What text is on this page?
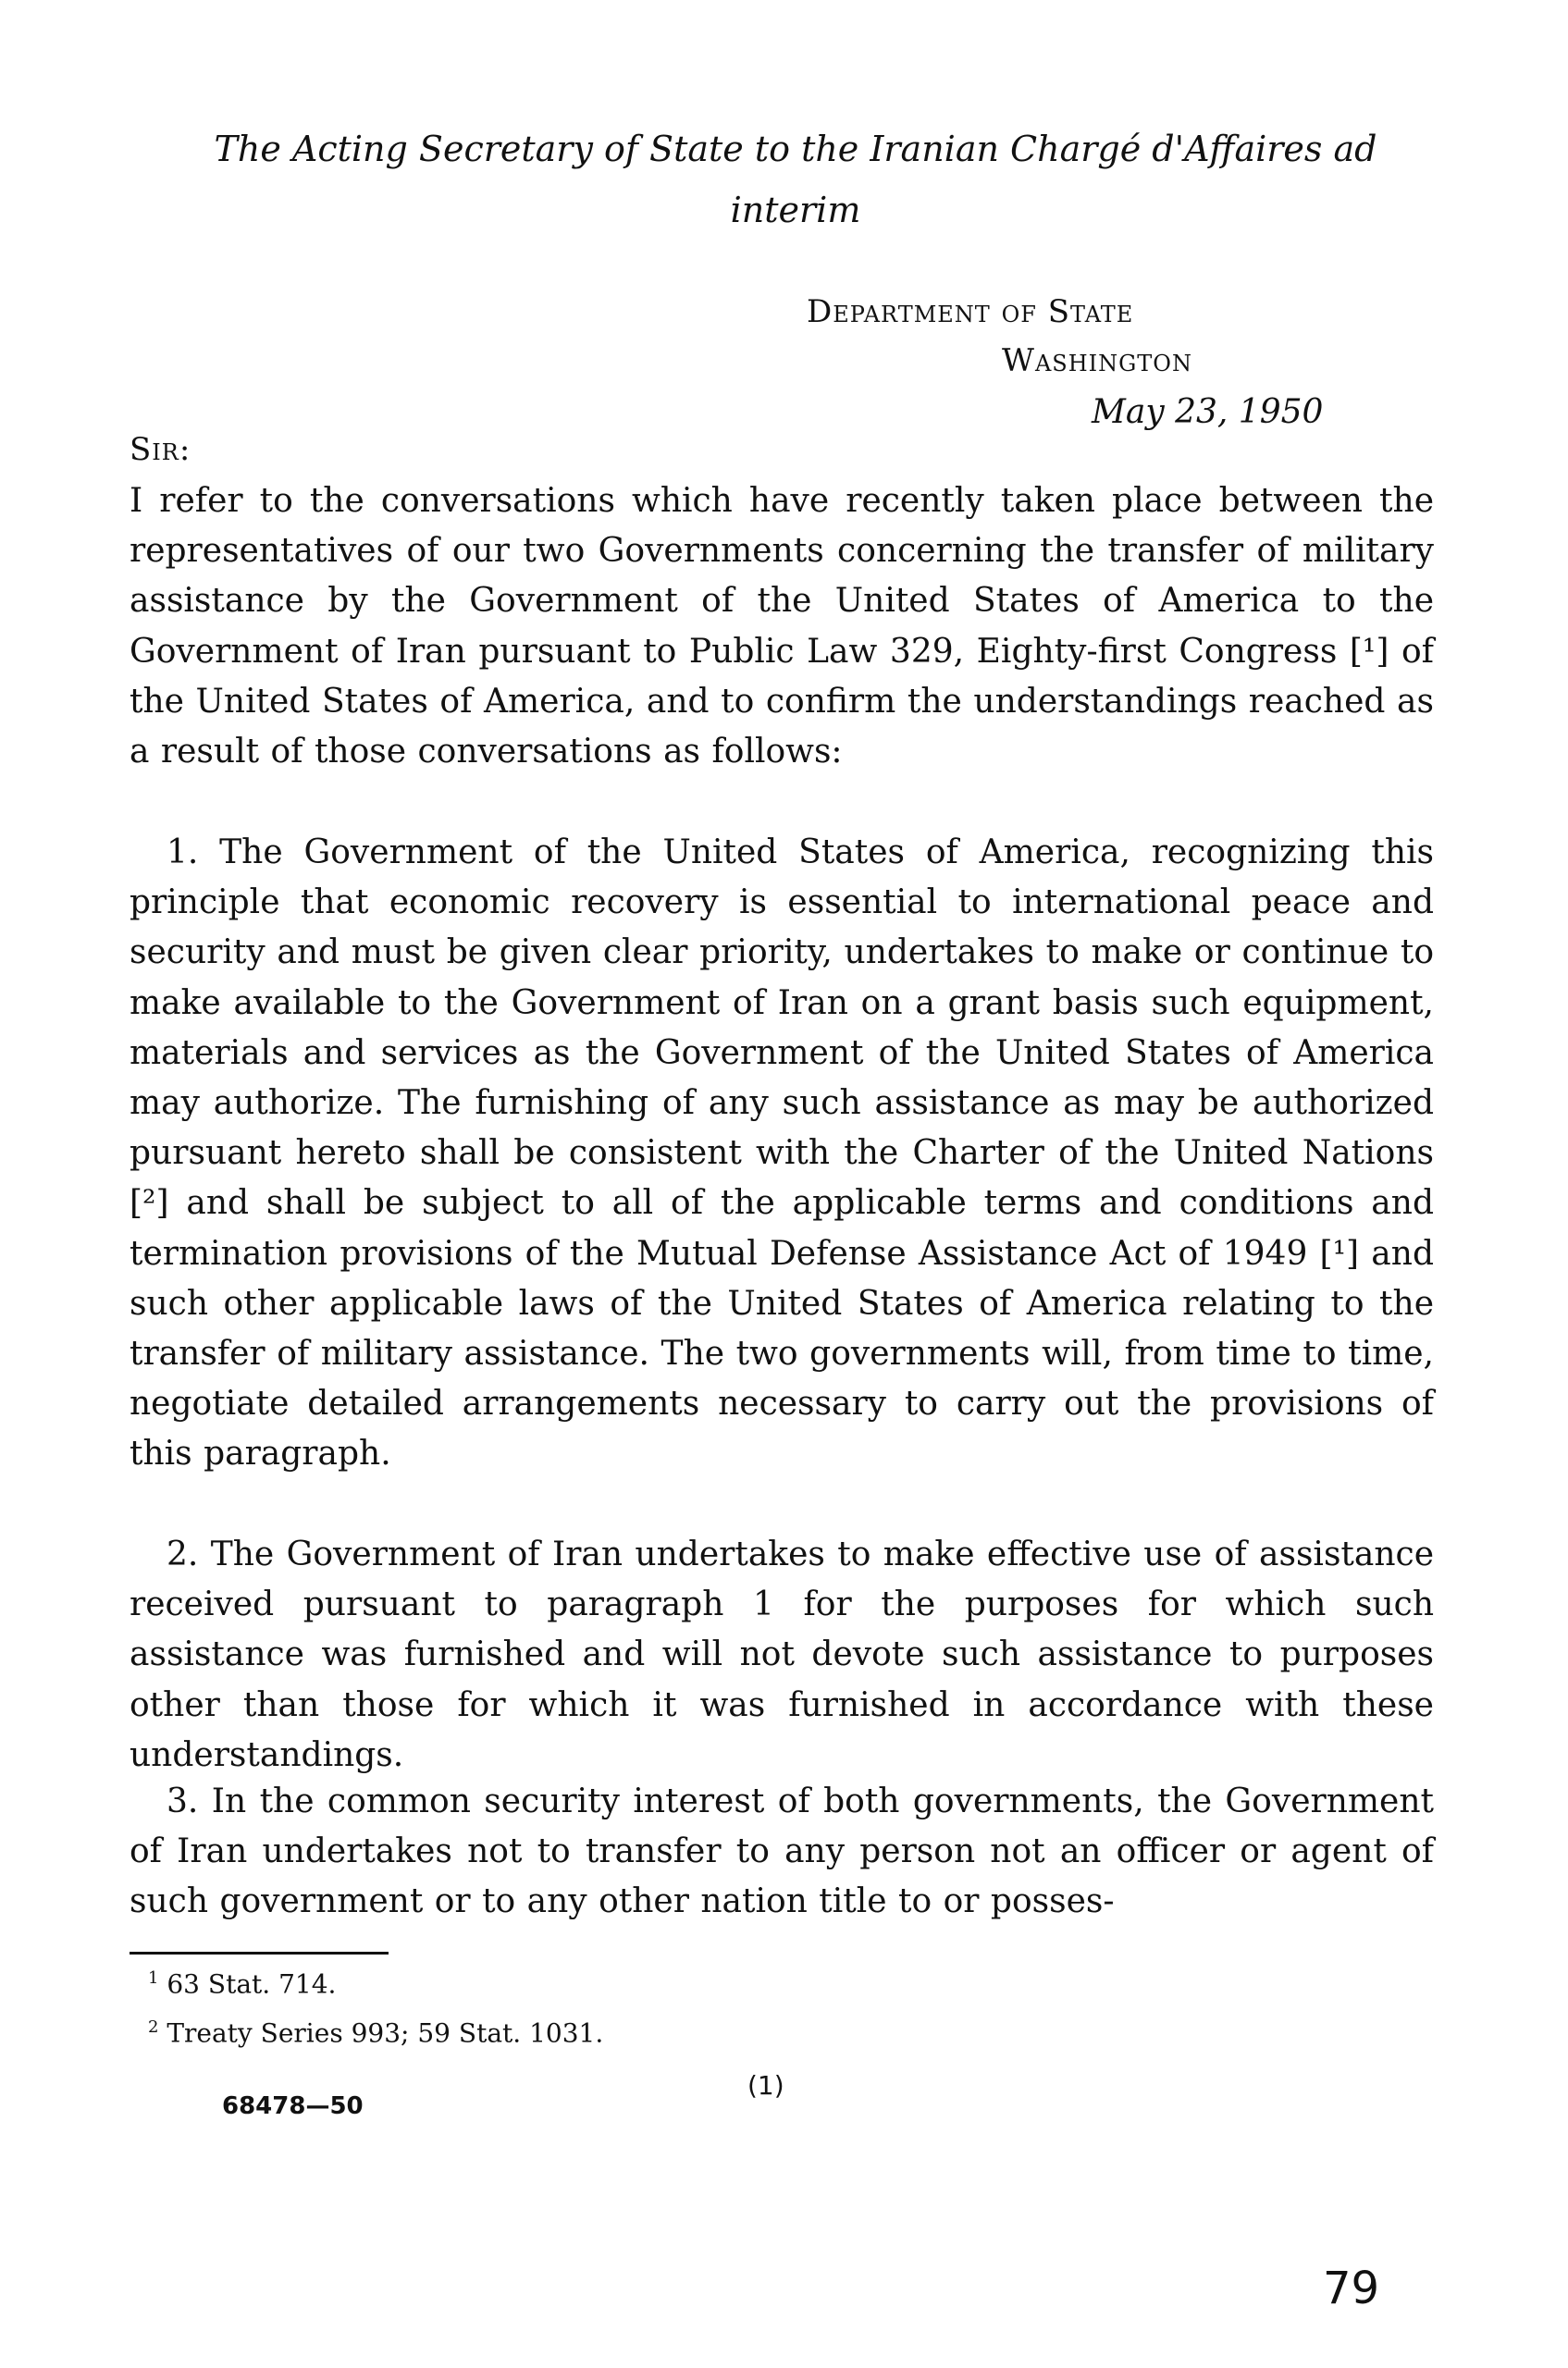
The Acting Secretary of State to the Iranian Chargé d'Affaires ad
interim
Department of State
Washington
May 23, 1950
Sir:

I refer to the conversations which have recently taken place between the representatives of our two Governments concerning the transfer of military assistance by the Government of the United States of America to the Government of Iran pursuant to Public Law 329, Eighty-first Congress [¹] of the United States of America, and to confirm the understandings reached as a result of those conversations as follows:

1. The Government of the United States of America, recognizing this principle that economic recovery is essential to international peace and security and must be given clear priority, undertakes to make or continue to make available to the Government of Iran on a grant basis such equipment, materials and services as the Government of the United States of America may authorize. The furnishing of any such assistance as may be authorized pursuant hereto shall be consistent with the Charter of the United Nations [²] and shall be subject to all of the applicable terms and conditions and termination provisions of the Mutual Defense Assistance Act of 1949 [¹] and such other applicable laws of the United States of America relating to the transfer of military assistance. The two governments will, from time to time, negotiate detailed arrangements necessary to carry out the provisions of this paragraph.

2. The Government of Iran undertakes to make effective use of assistance received pursuant to paragraph 1 for the purposes for which such assistance was furnished and will not devote such assistance to purposes other than those for which it was furnished in accordance with these understandings.

3. In the common security interest of both governments, the Government of Iran undertakes not to transfer to any person not an officer or agent of such government or to any other nation title to or posses-

$^1$ 63 Stat. 714.
$^2$ Treaty Series 993; 59 Stat. 1031.
(1)
68478—50
79
